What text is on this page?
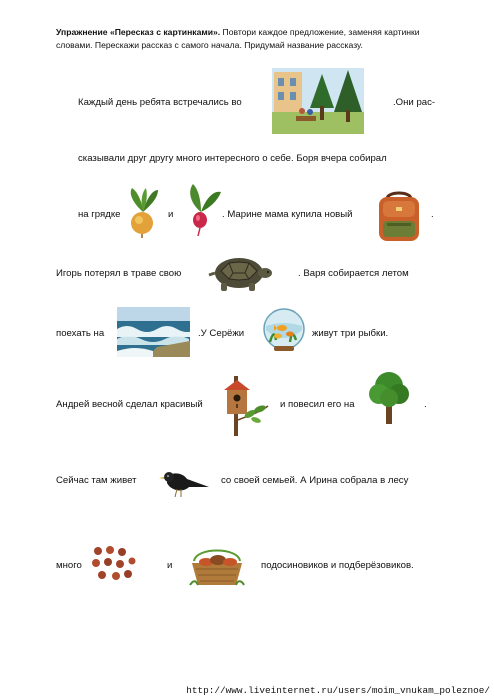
Упражнение «Пересказ с картинками». Повтори каждое предложение, заменяя картинки словами. Перескажи рассказ с самого начала. Придумай название рассказу.
Каждый день ребята встречались во	.Они рас-
сказывали друг другу много интересного о себе. Боря вчера собирал
на грядке	и	. Марине мама купила новый	.
Игорь потерял в траве свою	. Варя собирается летом
поехать на	.У Серёжи	живут три рыбки.
Андрей весной сделал красивый	и повесил его на	.
Сейчас там живет	со своей семьей. А Ирина собрала в лесу
много	и	подосиновиков и подберёзовиков.
http://www.liveinternet.ru/users/moim_vnukam_poleznoe/
